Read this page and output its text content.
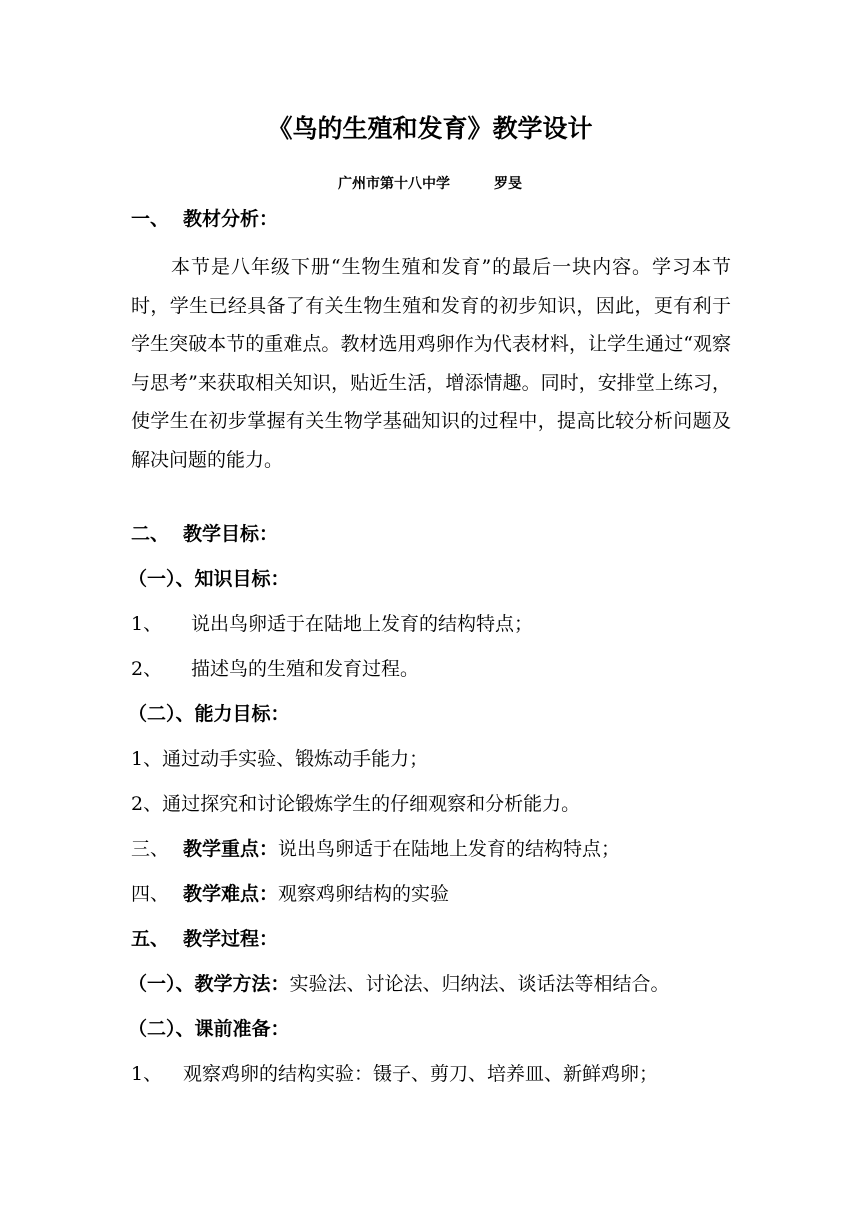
《鸟的生殖和发育》教学设计
广州市第十八中学	罗旻
一、 教材分析：
本节是八年级下册“生物生殖和发育”的最后一块内容。学习本节时，学生已经具备了有关生物生殖和发育的初步知识，因此，更有利于学生突破本节的重难点。教材选用鸡卵作为代表材料，让学生通过“观察与思考”来获取相关知识，贴近生活，增添情趣。同时，安排堂上练习，使学生在初步掌握有关生物学基础知识的过程中，提高比较分析问题及解决问题的能力。
二、 教学目标：
（一）、知识目标：
1、 说出鸟卵适于在陆地上发育的结构特点；
2、 描述鸟的生殖和发育过程。
（二）、能力目标：
1、通过动手实验、锻炼动手能力；
2、通过探究和讨论锻炼学生的仔细观察和分析能力。
三、 教学重点：说出鸟卵适于在陆地上发育的结构特点；
四、 教学难点：观察鸡卵结构的实验
五、 教学过程：
（一）、教学方法：实验法、讨论法、归纳法、谈话法等相结合。
（二）、课前准备：
1、 观察鸡卵的结构实验：镊子、剪刀、培养皿、新鲜鸡卵；
